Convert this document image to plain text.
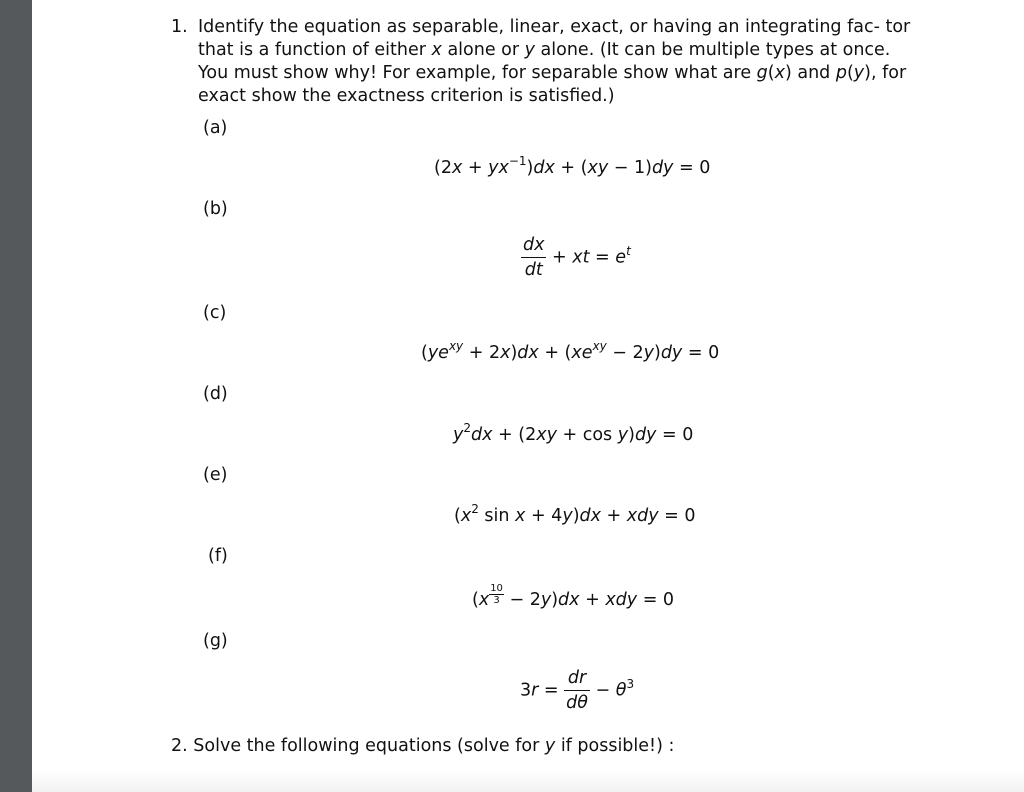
1. Identify the equation as separable, linear, exact, or having an integrating fac- tor that is a function of either x alone or y alone. (It can be multiple types at once. You must show why! For example, for separable show what are g(x) and p(y), for exact show the exactness criterion is satisfied.)
(a)
$(2x + yx^{-1})dx + (xy - 1)dy = 0$
(b)
$\frac{dx}{dt}$ + xt = $e^t$
(c)
$(ye^{xy} + 2x)dx + (xe^{xy} - 2y)dy = 0$
(d)
$y^2dx + (2xy + \cos y)dy = 0$
(e)
($x^2$ sin x + 4y)dx + xdy = 0
(f)
$(x \frac{10}{3} - 2y)dx$ + xdy = 0
(g)
$3r = \frac{dr}{d\theta} - \theta^3$
2. Solve the following equations (solve for y if possible!) :
